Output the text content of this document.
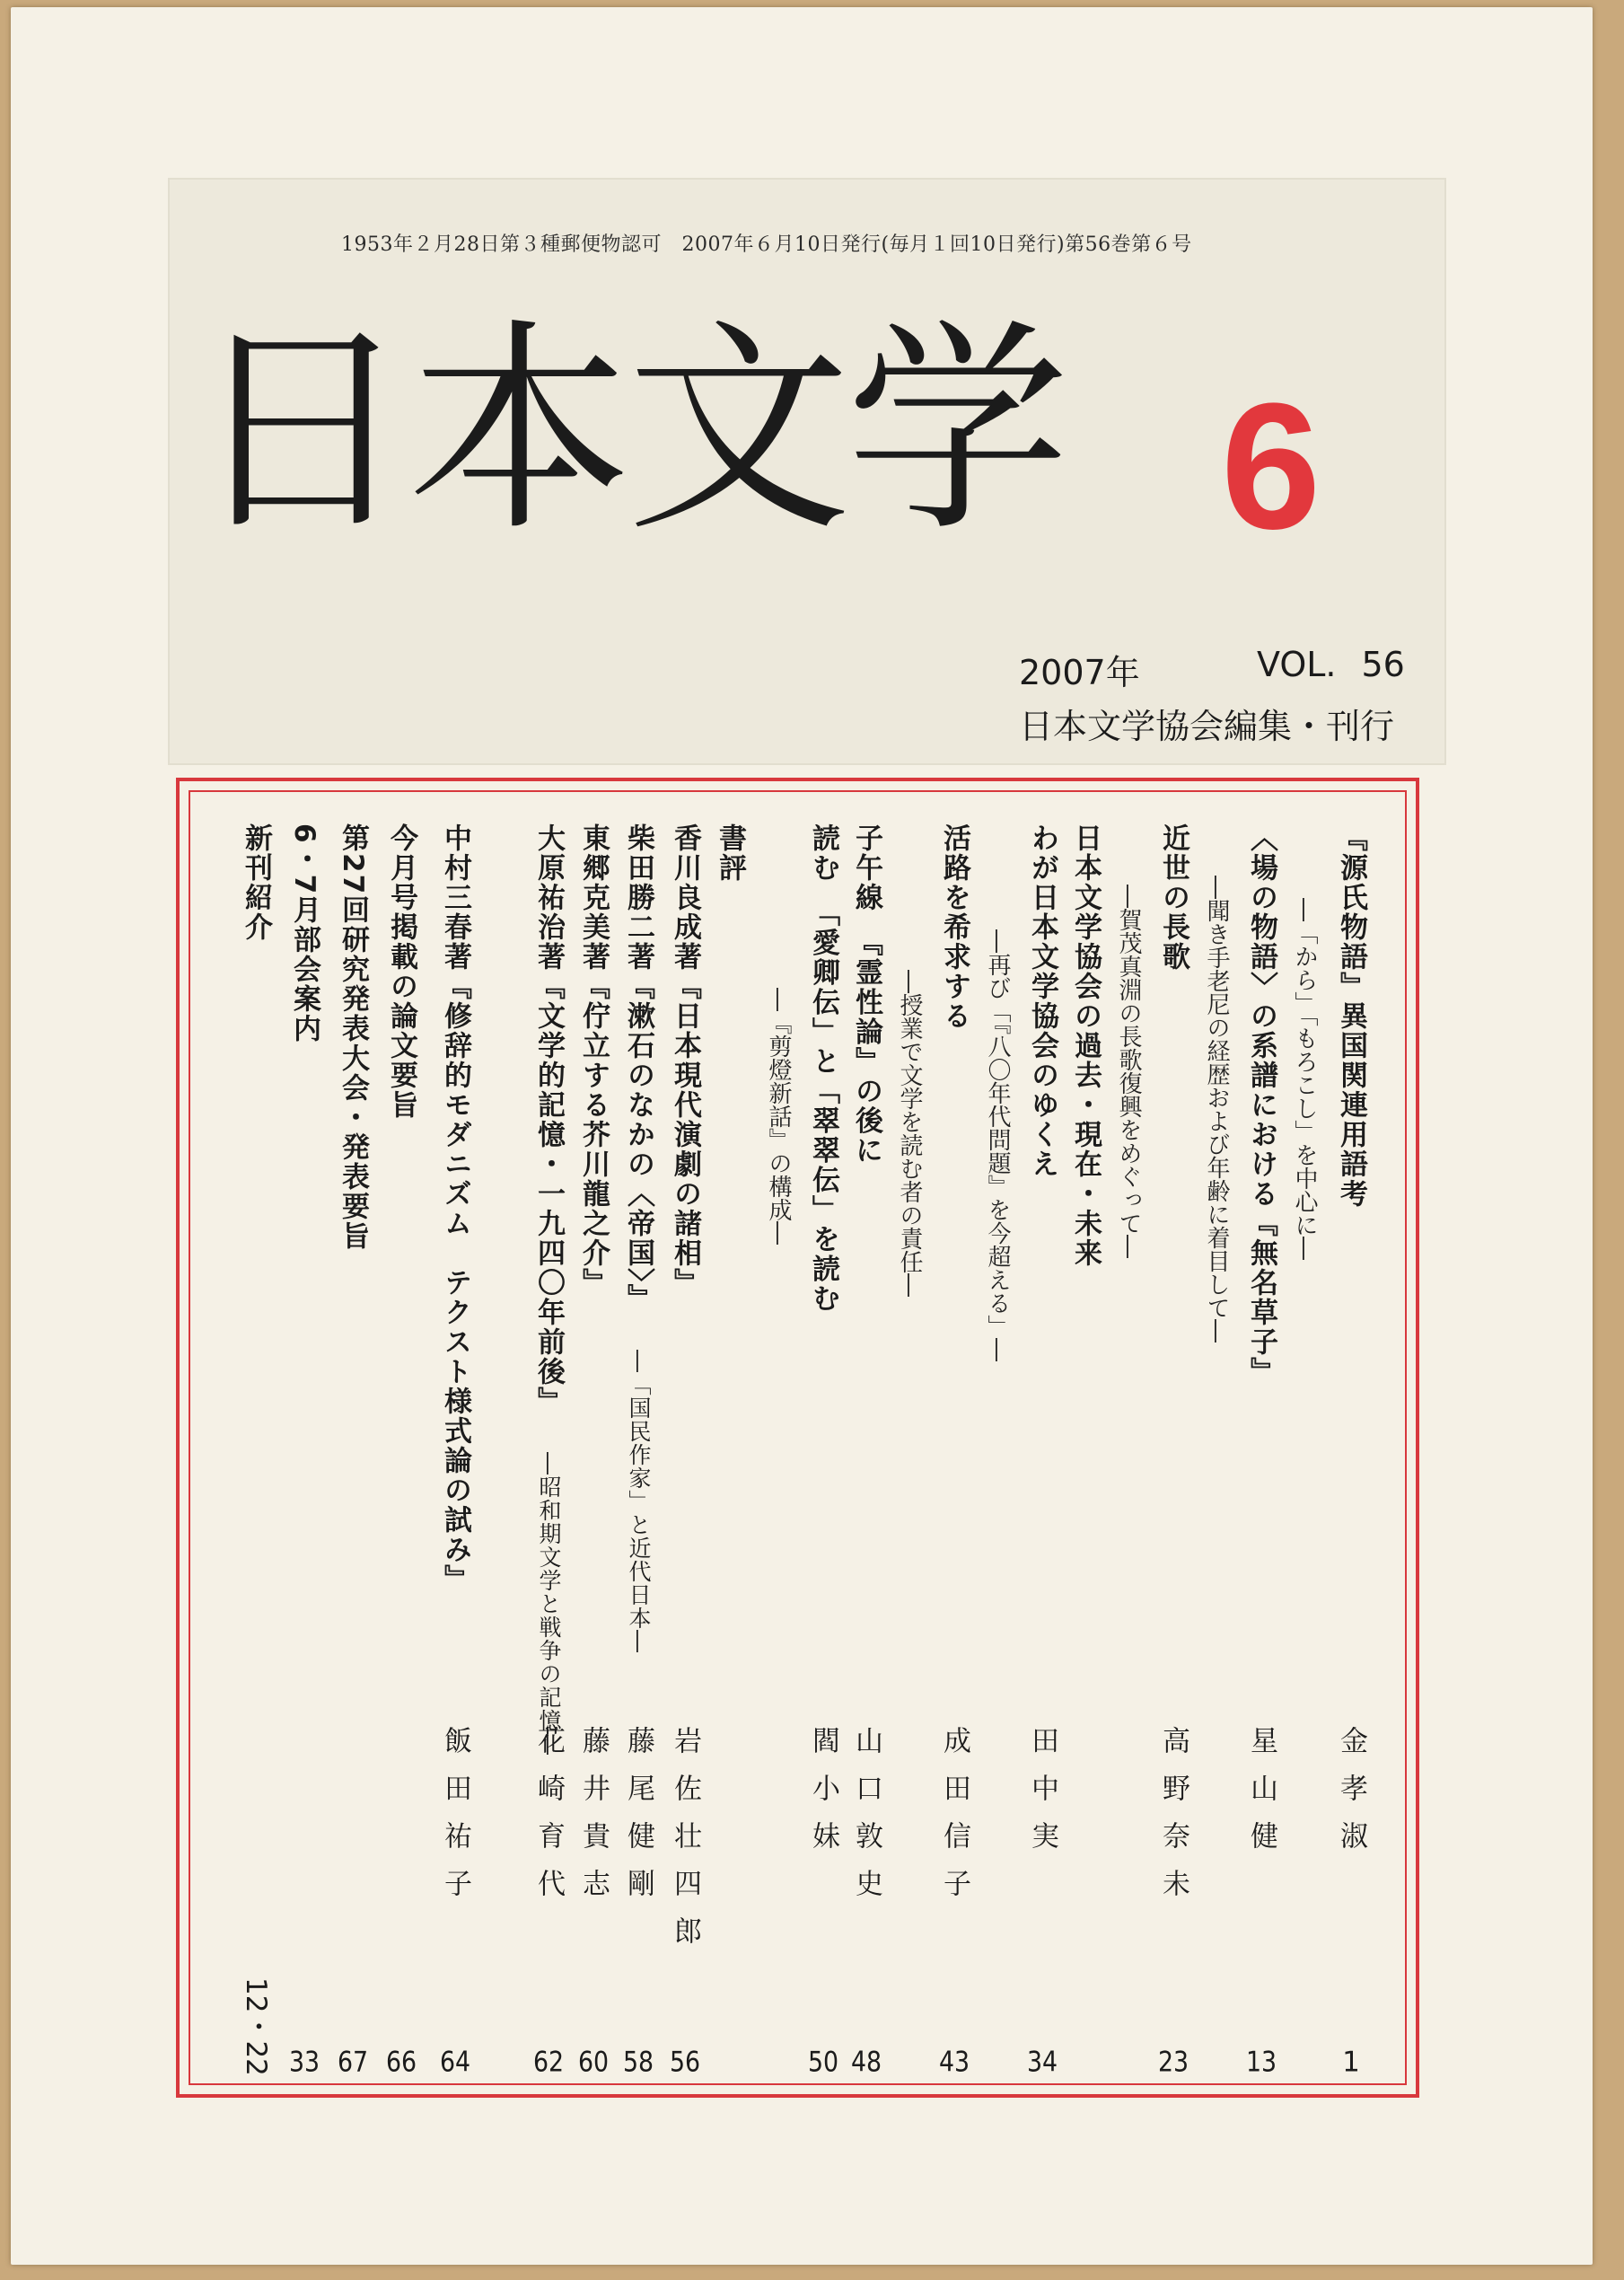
1953年２月28日第３種郵便物認可　2007年６月10日発行(毎月１回10日発行)第56巻第６号
日本文学 6
2007年	VOL. 56
日本文学協会編集・刊行
『源氏物語』異国関連用語考
金孝淑
1
―「から」「もろこし」を中心に―
〈場の物語〉の系譜における『無名草子』
星山健
13
―聞き手老尼の経歴および年齢に着目して―
近世の長歌
高野奈未
23
―賀茂真淵の長歌復興をめぐって―
日本文学協会の過去・現在・未来
わが日本文学協会のゆくえ
田中実
34
―再び「『八〇年代問題』を今超える」―
活路を希求する
成田信子
43
―授業で文学を読む者の責任―
子午線　『霊性論』の後に
山口敦史
48
読む　「愛卿伝」と「翠翠伝」を読む
閻小妹
50
―『剪燈新話』の構成―
書評
香川良成著『日本現代演劇の諸相』
岩佐壮四郎
56
柴田勝二著『漱石のなかの〈帝国〉』―「国民作家」と近代日本―
藤尾健剛
58
東郷克美著『佇立する芥川龍之介』
藤井貴志
60
大原祐治著『文学的記憶・一九四〇年前後』―昭和期文学と戦争の記憶―
花崎育代
62
中村三春著『修辞的モダニズム　テクスト様式論の試み』
飯田祐子
64
今月号掲載の論文要旨
66
第27回研究発表大会・発表要旨
67
6・7月部会案内
33
新刊紹介
12・22
